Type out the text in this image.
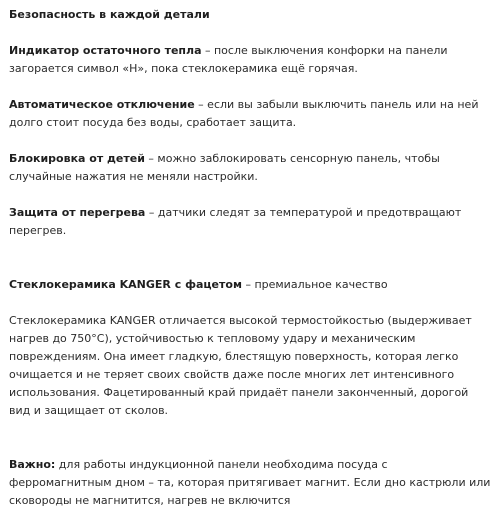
Безопасность в каждой детали

Индикатор остаточного тепла – после выключения конфорки на панели загорается символ «H», пока стеклокерамика ещё горячая.

Автоматическое отключение – если вы забыли выключить панель или на ней долго стоит посуда без воды, сработает защита.

Блокировка от детей – можно заблокировать сенсорную панель, чтобы случайные нажатия не меняли настройки.

Защита от перегрева – датчики следят за температурой и предотвращают перегрев.

Стеклокерамика KANGER с фацетом – премиальное качество

Стеклокерамика KANGER отличается высокой термостойкостью (выдерживает нагрев до 750°C), устойчивостью к тепловому удару и механическим повреждениям. Она имеет гладкую, блестящую поверхность, которая легко очищается и не теряет своих свойств даже после многих лет интенсивного использования. Фацетированный край придаёт панели законченный, дорогой вид и защищает от сколов.

Важно: для работы индукционной панели необходима посуда с ферромагнитным дном – та, которая притягивает магнит. Если дно кастрюли или сковороды не магнитится, нагрев не включится
